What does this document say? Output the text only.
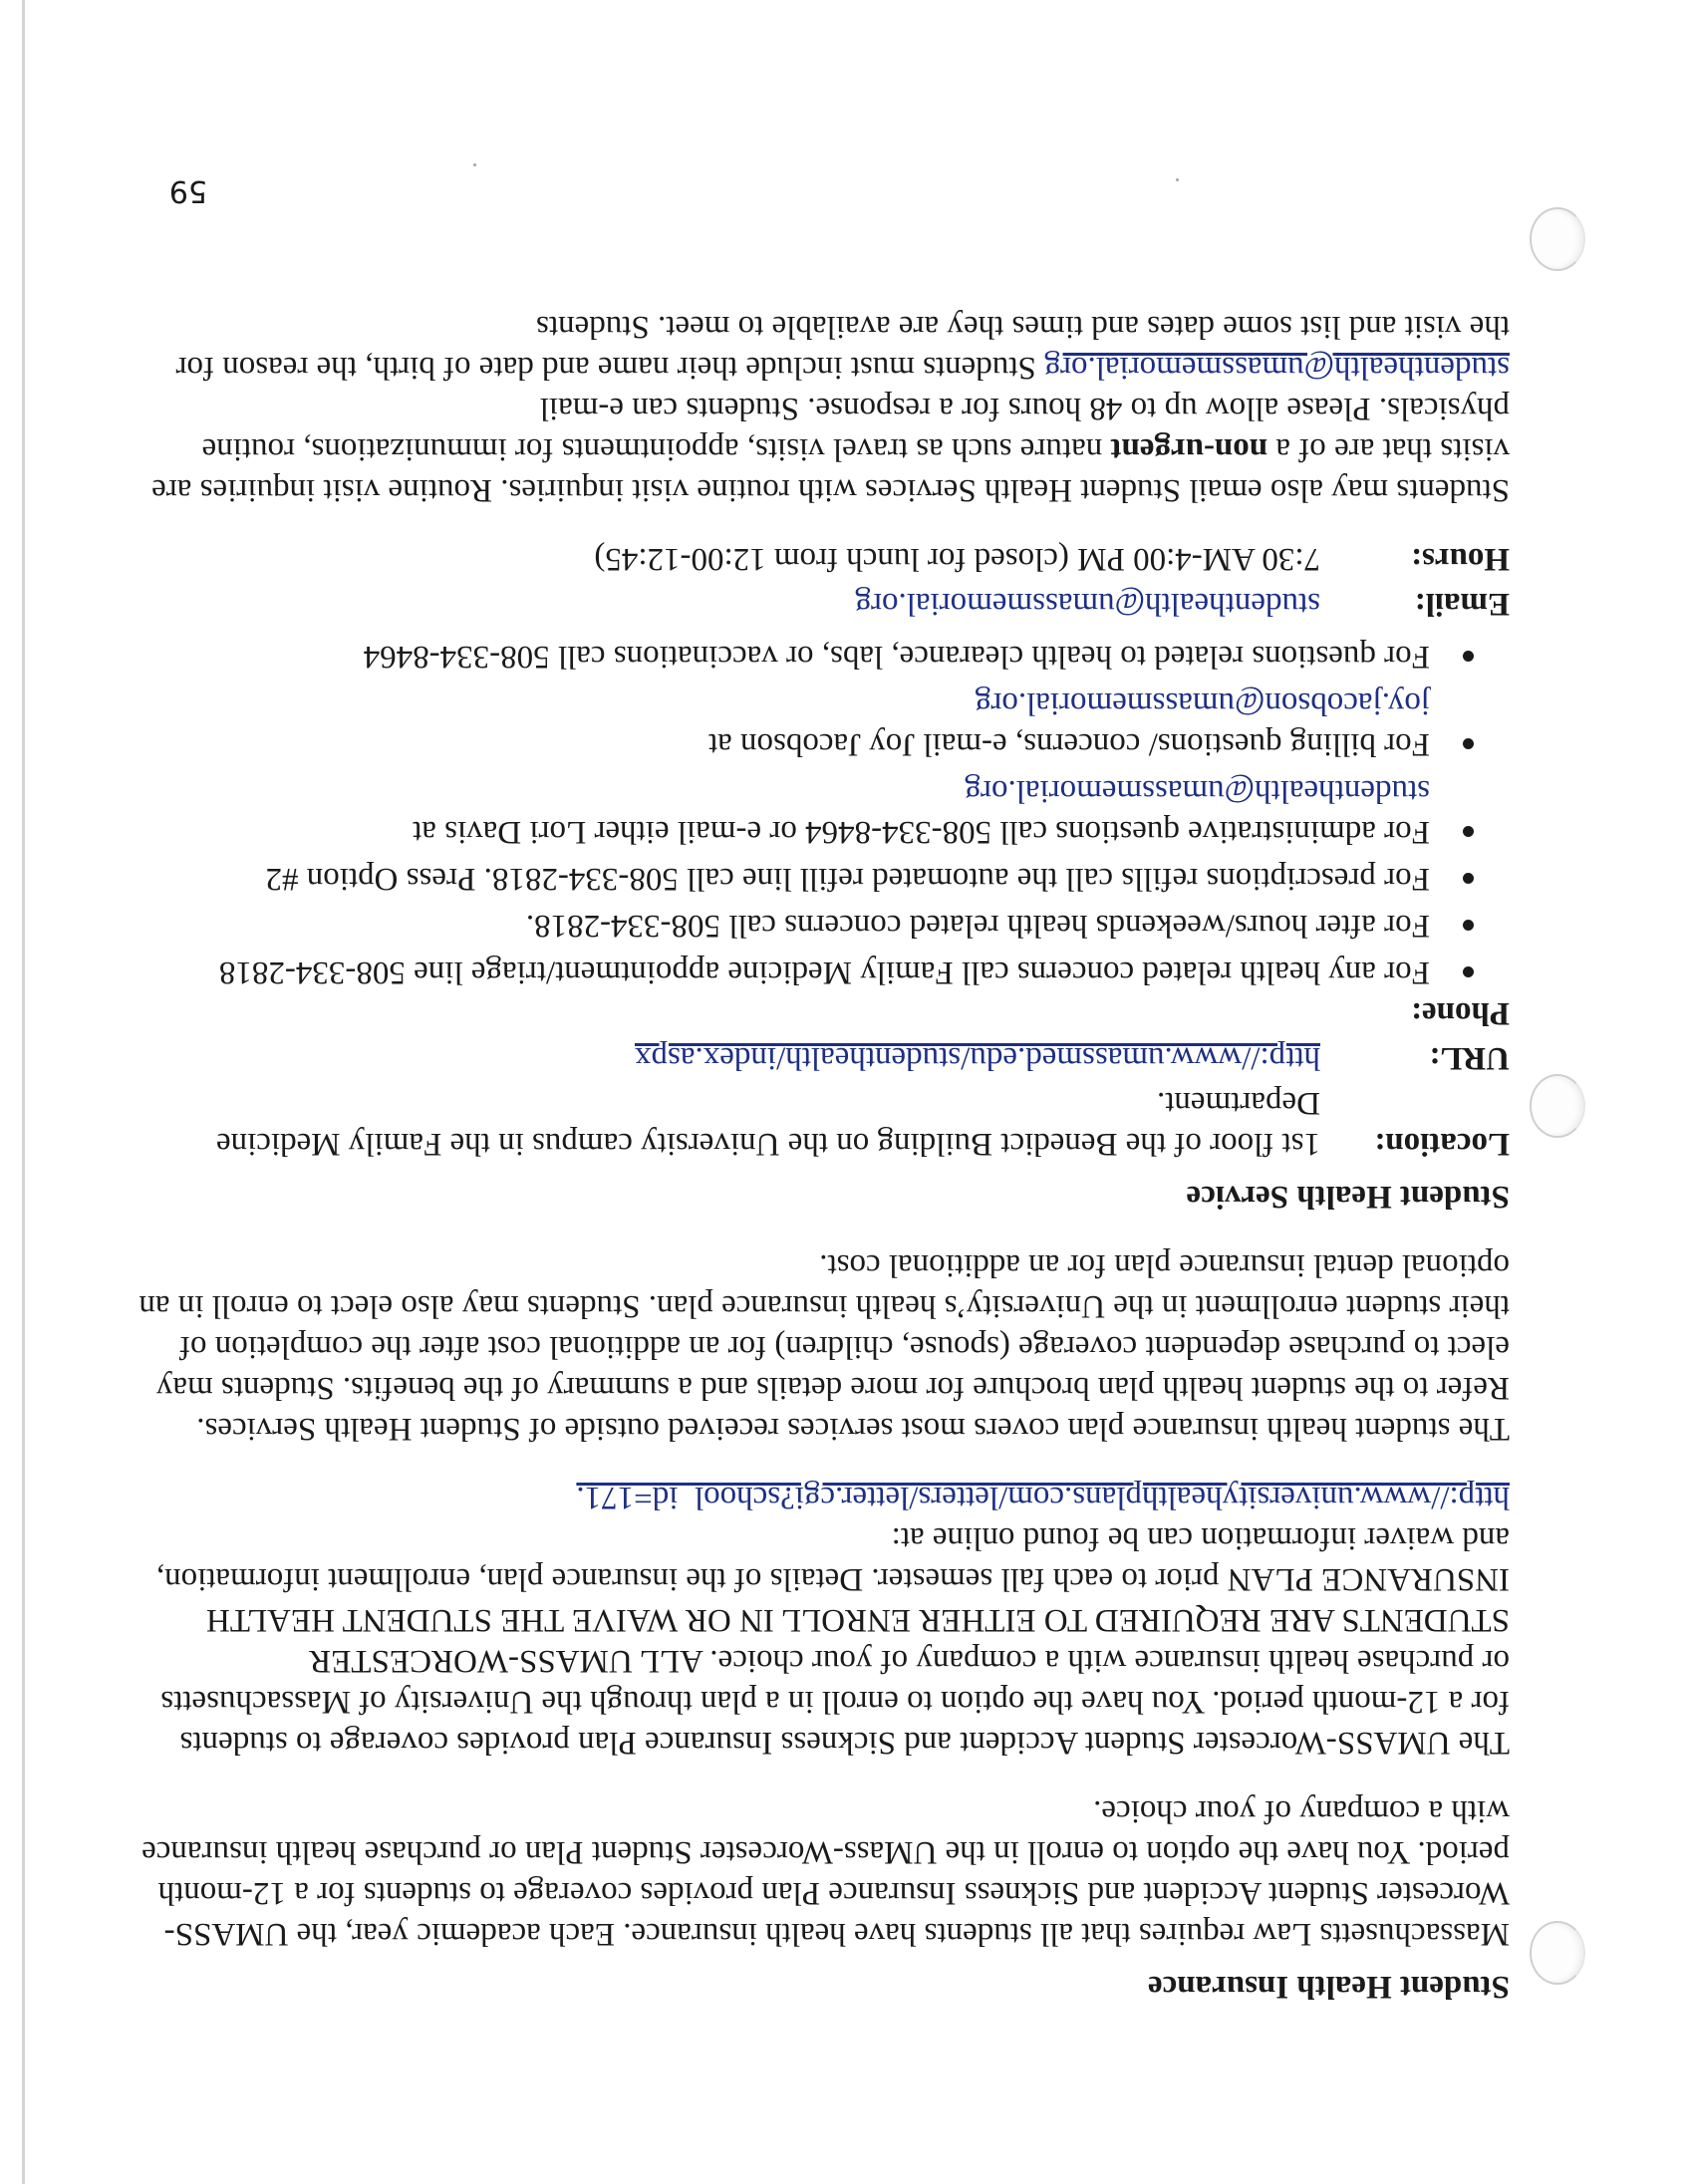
Student Health Insurance

Massachusetts Law requires that all students have health insurance. Each academic year, the UMASS-Worcester Student Accident and Sickness Insurance Plan provides coverage to students for a 12-month period. You have the option to enroll in the UMass-Worcester Student Plan or purchase health insurance with a company of your choice.

The UMASS-Worcester Student Accident and Sickness Insurance Plan provides coverage to students for a 12-month period. You have the option to enroll in a plan through the University of Massachusetts or purchase health insurance with a company of your choice. ALL UMASS-WORCESTER STUDENTS ARE REQUIRED TO EITHER ENROLL IN OR WAIVE THE STUDENT HEALTH INSURANCE PLAN prior to each fall semester. Details of the insurance plan, enrollment information, and waiver information can be found online at:
http://www.universityhealthplans.com/letters/letter.cgi?school_id=171.

The student health insurance plan covers most services received outside of Student Health Services. Refer to the student health plan brochure for more details and a summary of the benefits. Students may elect to purchase dependent coverage (spouse, children) for an additional cost after the completion of their student enrollment in the University’s health insurance plan. Students may also elect to enroll in an optional dental insurance plan for an additional cost.

Student Health Service
Location:
1st floor of the Benedict Building on the University campus in the Family Medicine Department.
URL:
http://www.umassmed.edu/studenthealth/index.aspx
Phone:
For any health related concerns call Family Medicine appointment/triage line 508-334-2818
For after hours/weekends health related concerns call 508-334-2818.
For prescriptions refills call the automated refill line call 508-334-2818. Press Option #2
For administrative questions call 508-334-8464 or e-mail either Lori Davis at
studenthealth@umassmemorial.org
For billing questions/ concerns, e-mail Joy Jacobson at
joy.jacobson@umassmemorial.org
For questions related to health clearance, labs, or vaccinations call 508-334-8464
Email:
studenthealth@umassmemorial.org
Hours:
7:30 AM-4:00 PM (closed for lunch from 12:00-12:45)

Students may also email Student Health Services with routine visit inquiries. Routine visit inquiries are visits that are of a non-urgent nature such as travel visits, appointments for immunizations, routine physicals. Please allow up to 48 hours for a response. Students can e-mail studenthealth@umassmemorial.org Students must include their name and date of birth, the reason for the visit and list some dates and times they are available to meet. Students

59
